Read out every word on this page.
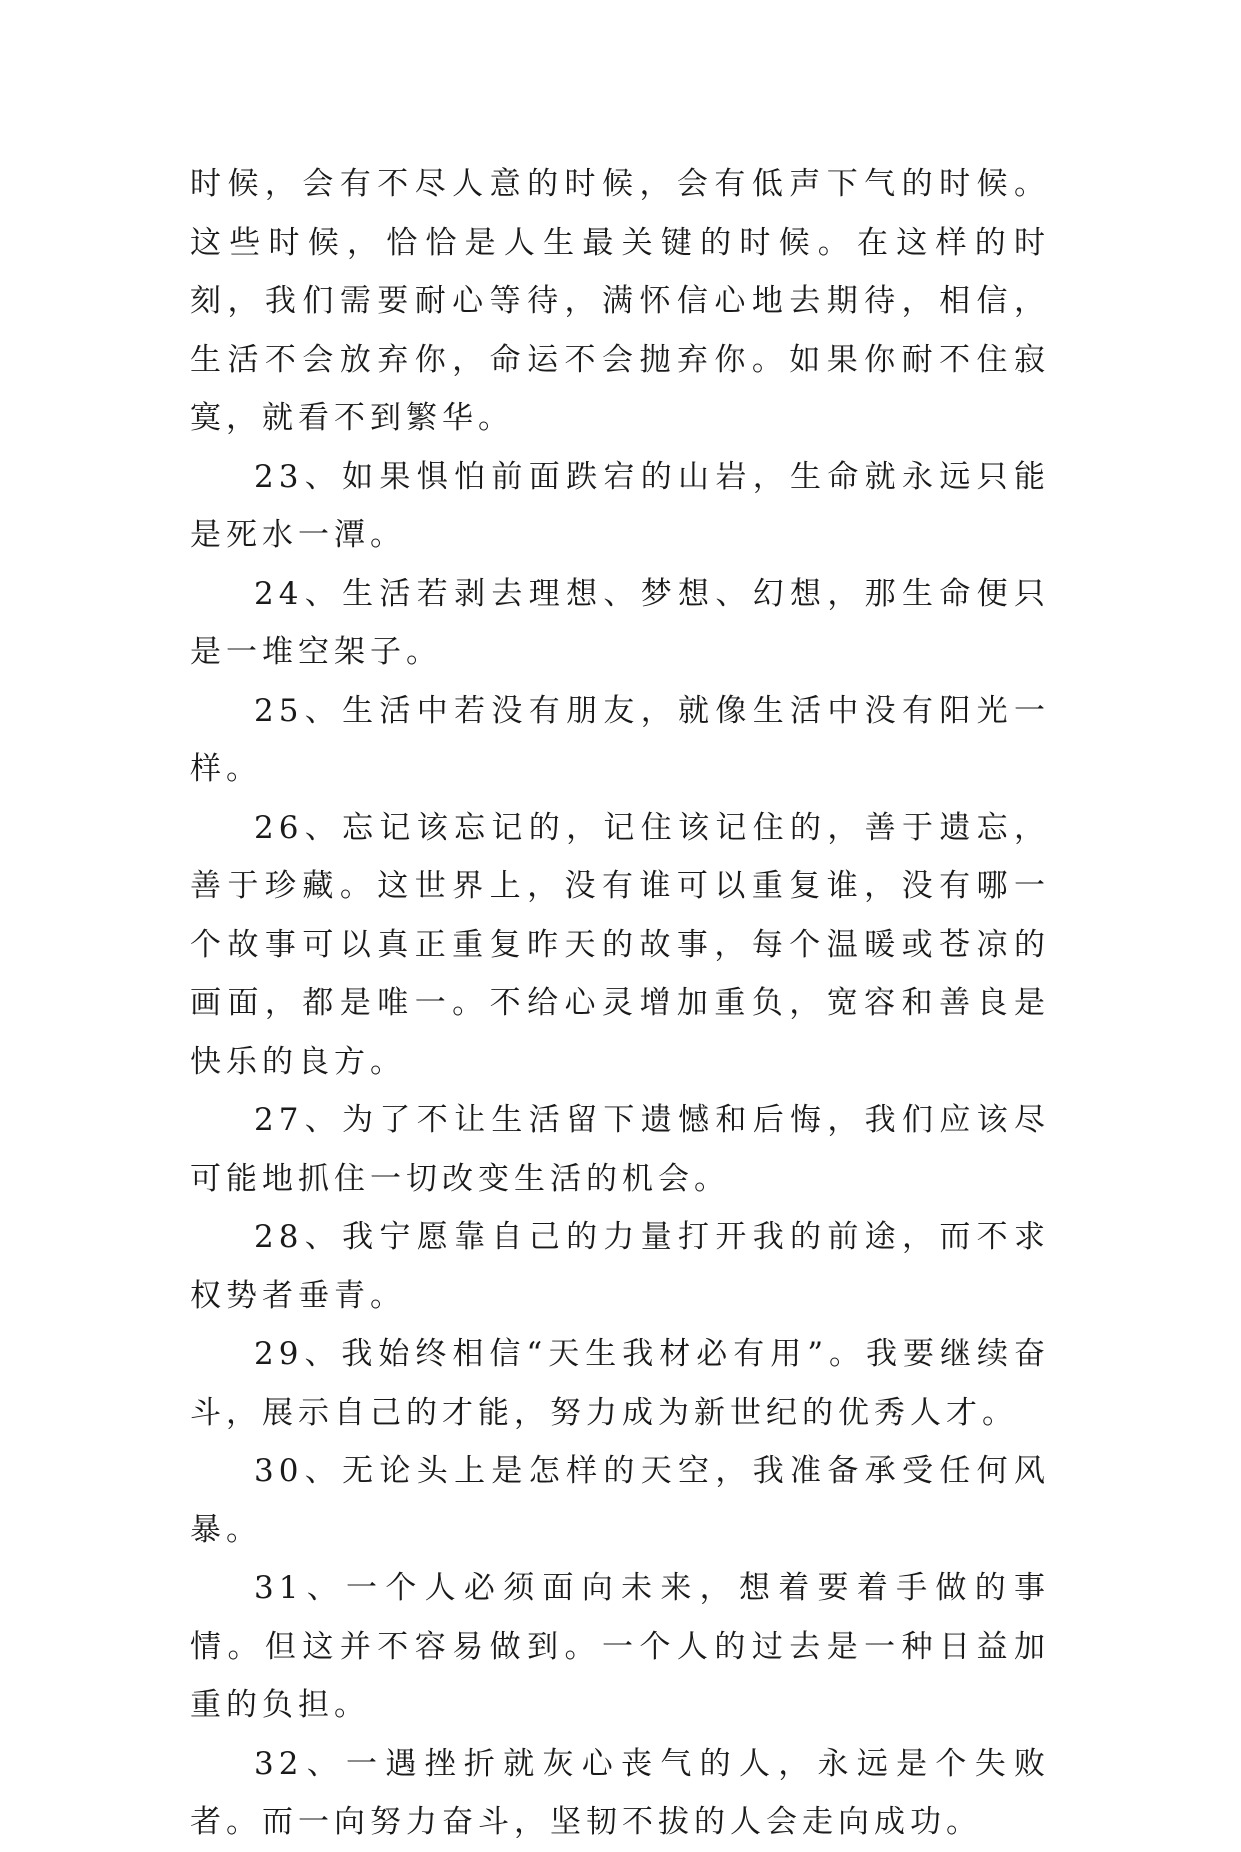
时候，会有不尽人意的时候，会有低声下气的时候。这些时候，恰恰是人生最关键的时候。在这样的时刻，我们需要耐心等待，满怀信心地去期待，相信，生活不会放弃你，命运不会抛弃你。如果你耐不住寂寞，就看不到繁华。

23、如果惧怕前面跌宕的山岩，生命就永远只能是死水一潭。

24、生活若剥去理想、梦想、幻想，那生命便只是一堆空架子。

25、生活中若没有朋友，就像生活中没有阳光一样。

26、忘记该忘记的，记住该记住的，善于遗忘，善于珍藏。这世界上，没有谁可以重复谁，没有哪一个故事可以真正重复昨天的故事，每个温暖或苍凉的画面，都是唯一。不给心灵增加重负，宽容和善良是快乐的良方。

27、为了不让生活留下遗憾和后悔，我们应该尽可能地抓住一切改变生活的机会。

28、我宁愿靠自己的力量打开我的前途，而不求权势者垂青。

29、我始终相信“天生我材必有用”。我要继续奋斗，展示自己的才能，努力成为新世纪的优秀人才。

30、无论头上是怎样的天空，我准备承受任何风暴。

31、一个人必须面向未来，想着要着手做的事情。但这并不容易做到。一个人的过去是一种日益加重的负担。

32、一遇挫折就灰心丧气的人，永远是个失败者。而一向努力奋斗，坚韧不拔的人会走向成功。
